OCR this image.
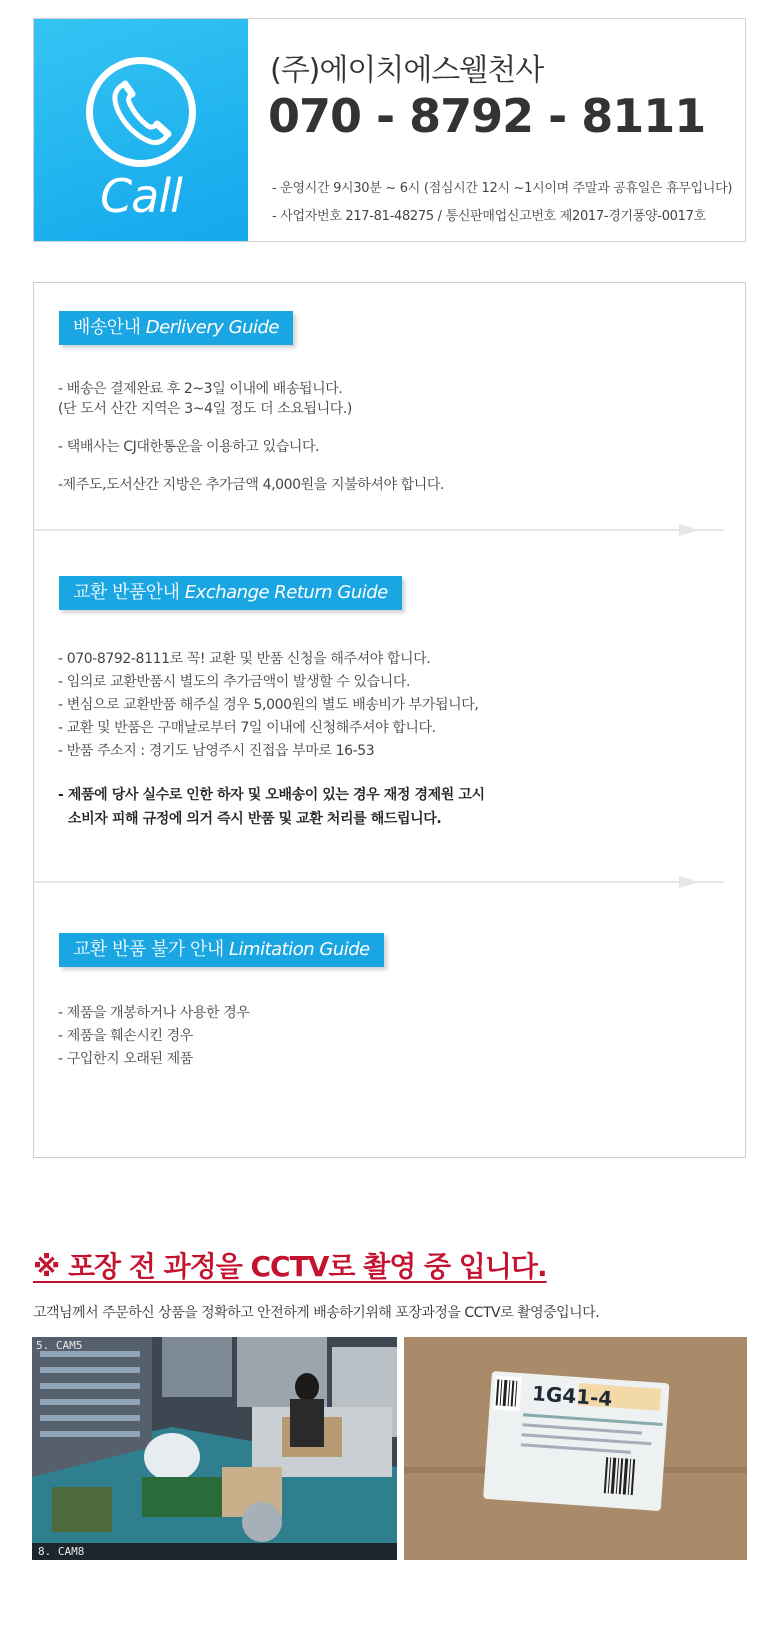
Call
(주)에이치에스웰천사
070 - 8792 - 8111
- 운영시간 9시30분 ~ 6시 (점심시간 12시 ~1시이며 주말과 공휴일은 휴무입니다)
- 사업자번호 217-81-48275 / 통신판매업신고번호 제2017-경기풍양-0017호
배송안내 Derlivery Guide
- 배송은 결제완료 후 2~3일 이내에 배송됩니다.
(단 도서 산간 지역은 3~4일 정도 더 소요됩니다.)
- 택배사는 CJ대한통운을 이용하고 있습니다.
-제주도,도서산간 지방은 추가금액 4,000원을 지불하셔야 합니다.
교환 반품안내 Exchange Return Guide
- 070-8792-8111로 꼭! 교환 및 반품 신청을 해주셔야 합니다.
- 임의로 교환반품시 별도의 추가금액이 발생할 수 있습니다.
- 변심으로 교환반품 해주실 경우 5,000원의 별도 배송비가 부가됩니다,
- 교환 및 반품은 구매날로부터 7일 이내에 신청해주셔야 합니다.
- 반품 주소지 : 경기도 남영주시 진접읍 부마로 16-53
- 제품에 당사 실수로 인한 하자 및 오배송이 있는 경우 재정 경제원 고시
소비자 피해 규정에 의거 즉시 반품 및 교환 처리를 해드립니다.
교환 반품 불가 안내 Limitation Guide
- 제품을 개봉하거나 사용한 경우
- 제품을 훼손시킨 경우
- 구입한지 오래된 제품
※ 포장 전 과정을 CCTV로 촬영 중 입니다.
고객님께서 주문하신 상품을 정확하고 안전하게 배송하기위해 포장과정을 CCTV로 촬영중입니다.
5. CAM5
8. CAM8
1G41-4
